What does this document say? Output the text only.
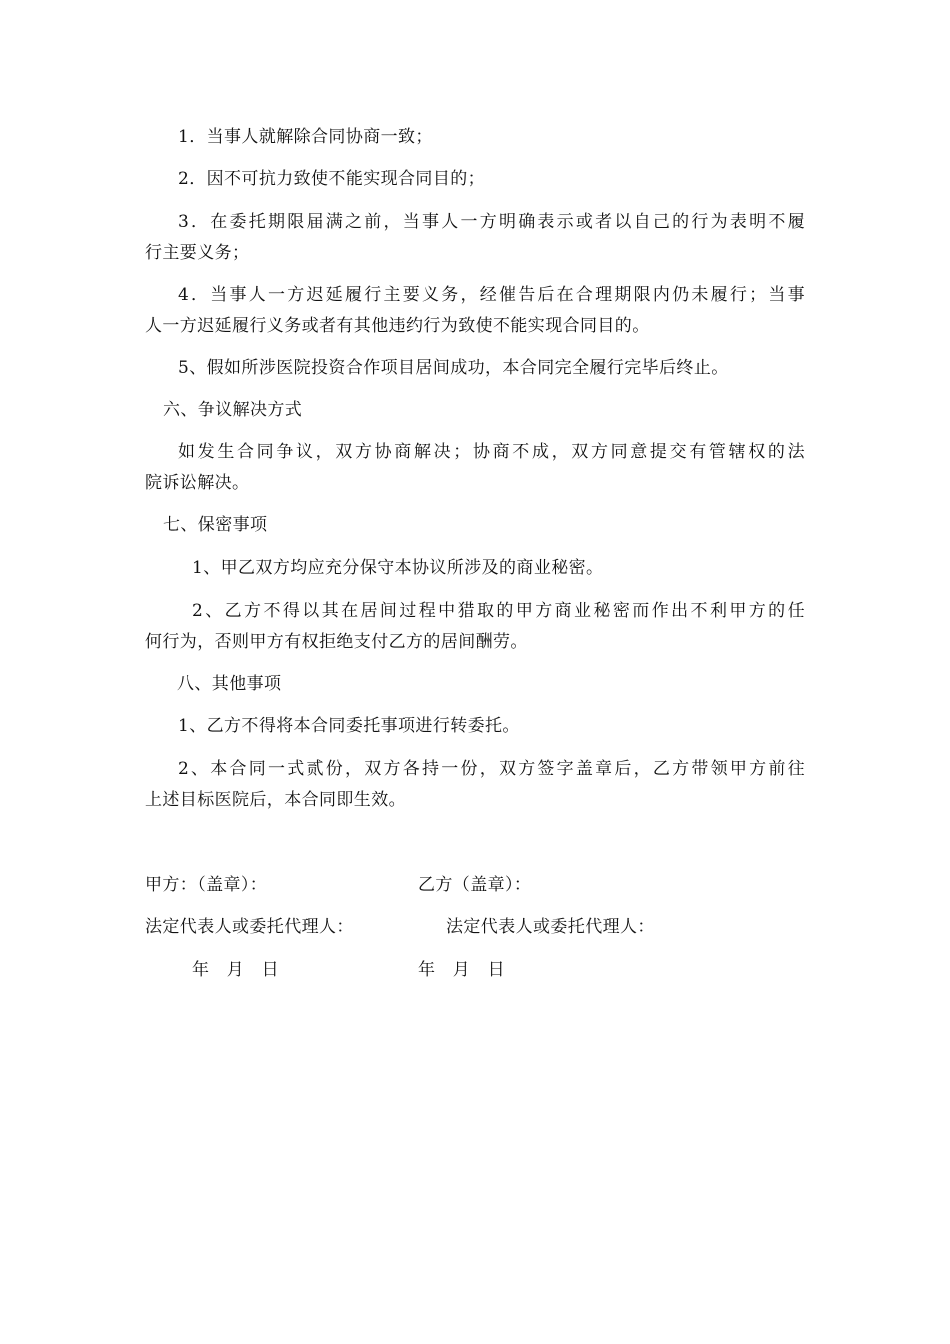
1．当事人就解除合同协商一致；
2．因不可抗力致使不能实现合同目的；
3．在委托期限届满之前，当事人一方明确表示或者以自己的行为表明不履
行主要义务；
4．当事人一方迟延履行主要义务，经催告后在合理期限内仍未履行；当事
人一方迟延履行义务或者有其他违约行为致使不能实现合同目的。
5、假如所涉医院投资合作项目居间成功，本合同完全履行完毕后终止。
六、争议解决方式
如发生合同争议，双方协商解决；协商不成，双方同意提交有管辖权的法
院诉讼解决。
七、保密事项
1、甲乙双方均应充分保守本协议所涉及的商业秘密。
2、乙方不得以其在居间过程中猎取的甲方商业秘密而作出不利甲方的任
何行为，否则甲方有权拒绝支付乙方的居间酬劳。
八、其他事项
1、乙方不得将本合同委托事项进行转委托。
2、本合同一式贰份，双方各持一份，双方签字盖章后，乙方带领甲方前往
上述目标医院后，本合同即生效。
甲方：（盖章）：	乙方（盖章）：
法定代表人或委托代理人：	法定代表人或委托代理人：
年　月　日	年　月　日
